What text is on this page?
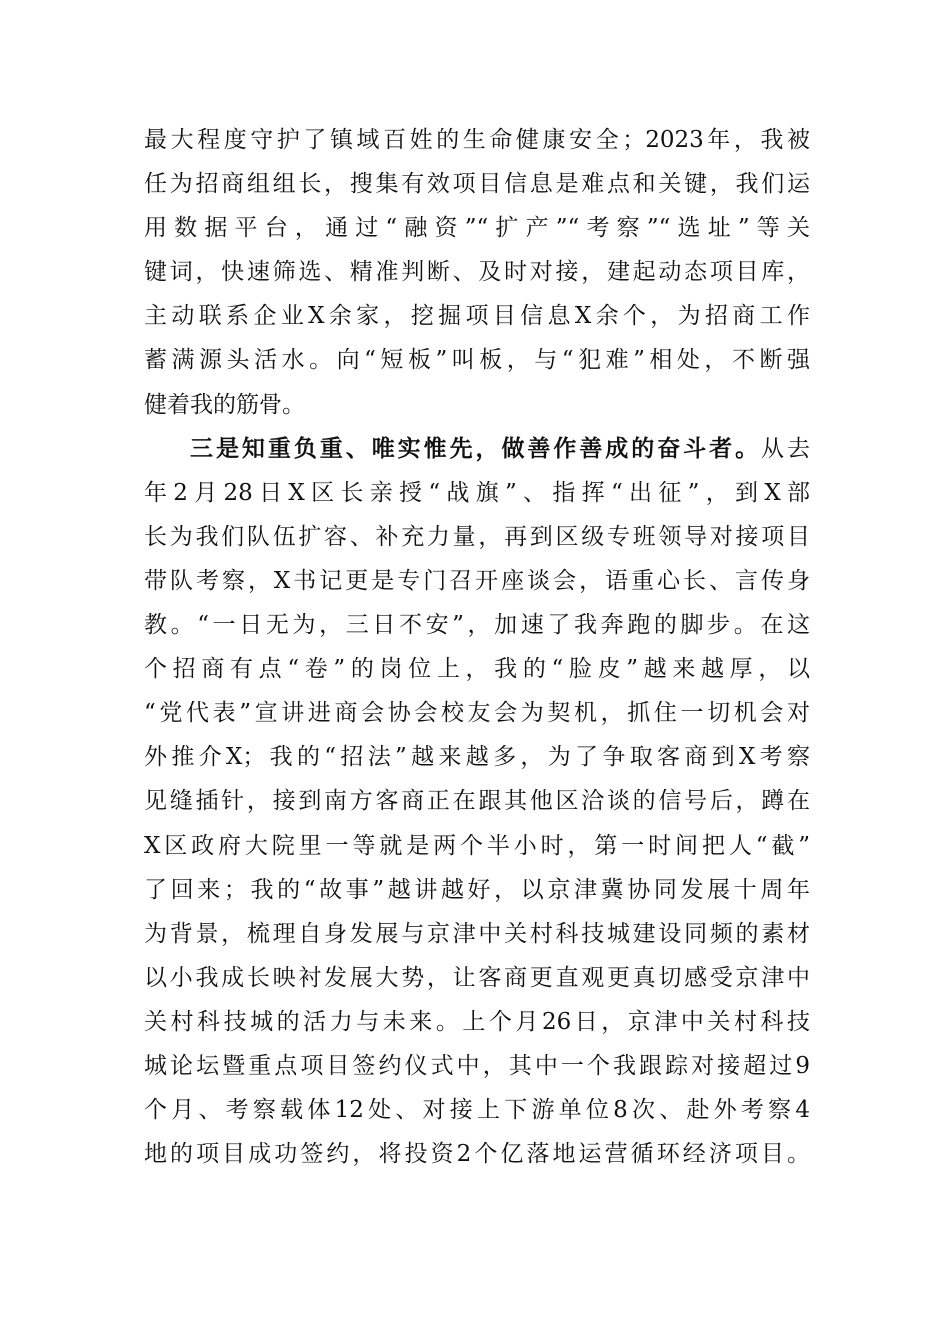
最大程度守护了镇域百姓的生命健康安全；2023年，我被
任为招商组组长，搜集有效项目信息是难点和关键，我们运
用数据平台，通过“融资”“扩产”“考察”“选址”等关
键词，快速筛选、精准判断、及时对接，建起动态项目库，
主动联系企业X余家，挖掘项目信息X余个，为招商工作
蓄满源头活水。向“短板”叫板，与“犯难”相处，不断强
健着我的筋骨。
三是知重负重、唯实惟先，做善作善成的奋斗者。从去
年2月28日X区长亲授“战旗”、指挥“出征”，到X部
长为我们队伍扩容、补充力量，再到区级专班领导对接项目
带队考察，X书记更是专门召开座谈会，语重心长、言传身
教。“一日无为，三日不安”，加速了我奔跑的脚步。在这
个招商有点“卷”的岗位上，我的“脸皮”越来越厚，以
“党代表”宣讲进商会协会校友会为契机，抓住一切机会对
外推介X；我的“招法”越来越多，为了争取客商到X考察
见缝插针，接到南方客商正在跟其他区洽谈的信号后，蹲在
X区政府大院里一等就是两个半小时，第一时间把人“截”
了回来；我的“故事”越讲越好，以京津冀协同发展十周年
为背景，梳理自身发展与京津中关村科技城建设同频的素材
以小我成长映衬发展大势，让客商更直观更真切感受京津中
关村科技城的活力与未来。上个月26日，京津中关村科技
城论坛暨重点项目签约仪式中，其中一个我跟踪对接超过9
个月、考察载体12处、对接上下游单位8次、赴外考察4
地的项目成功签约，将投资2个亿落地运营循环经济项目。
